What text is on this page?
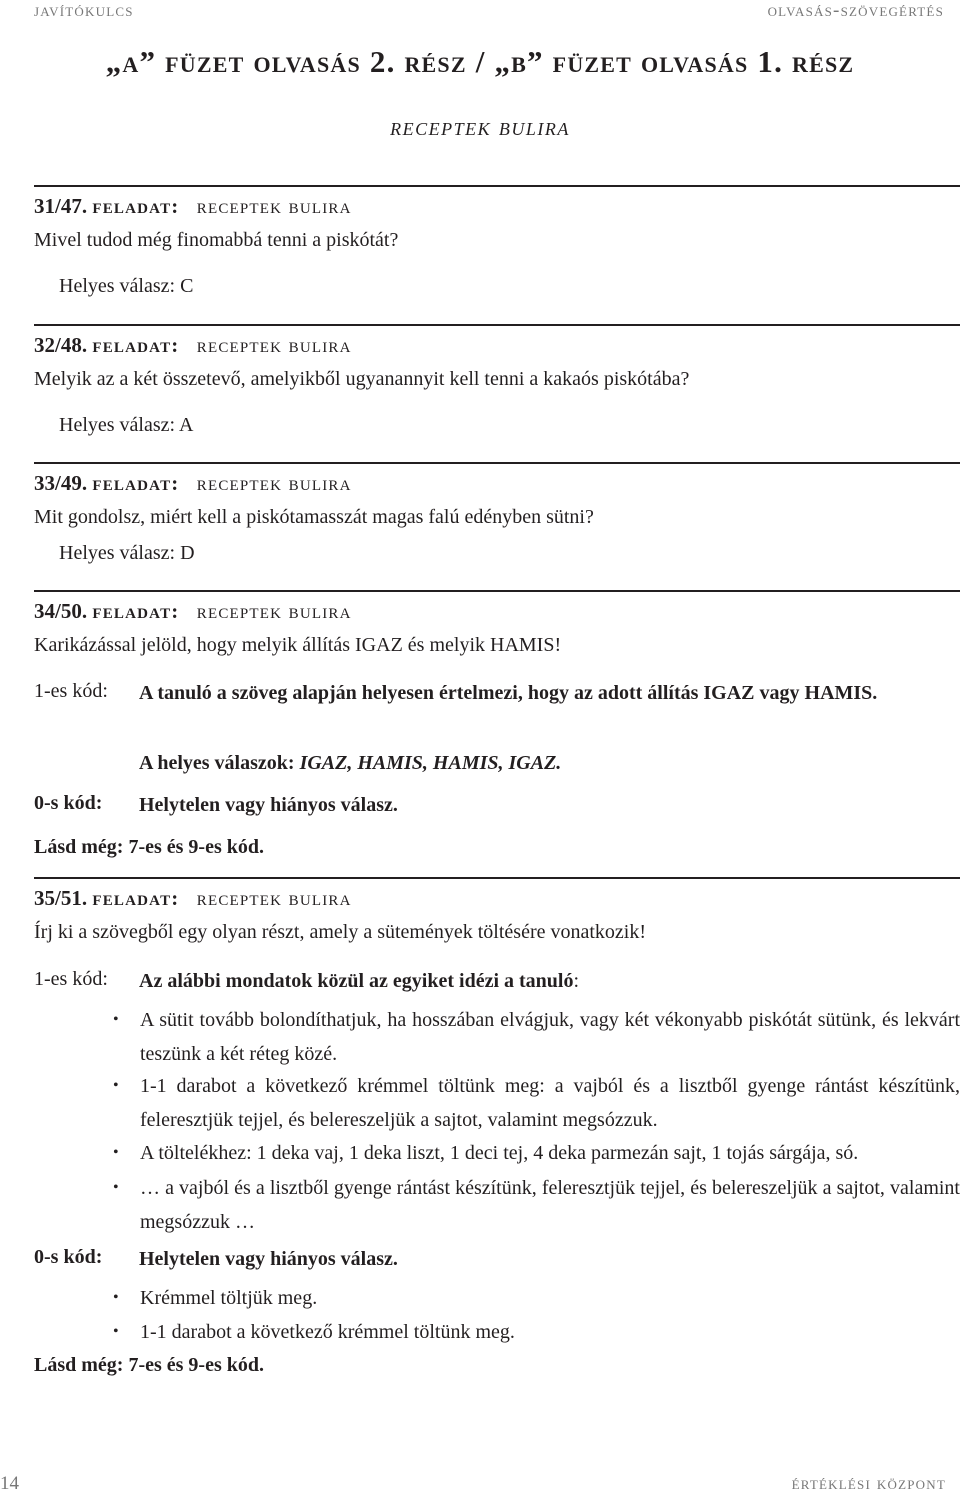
javítókulcs	olvasás-szövegértés
„a” füzet olvasás 2. rész / „b” füzet olvasás 1. rész
receptek bulira
31/47. feladat: receptek bulira
Mivel tudod még finomabbá tenni a piskótát?
Helyes válasz: C
32/48. feladat: receptek bulira
Melyik az a két összetevő, amelyikből ugyanannyit kell tenni a kakaós piskótába?
Helyes válasz: A
33/49. feladat: receptek bulira
Mit gondolsz, miért kell a piskótamasszát magas falú edényben sütni?
Helyes válasz: D
34/50. feladat: receptek bulira
Karikázással jelöld, hogy melyik állítás IGAZ és melyik HAMIS!
1-es kód: A tanuló a szöveg alapján helyesen értelmezi, hogy az adott állítás IGAZ vagy HAMIS.
A helyes válaszok: IGAZ, HAMIS, HAMIS, IGAZ.
0-s kód: Helytelen vagy hiányos válasz.
Lásd még: 7-es és 9-es kód.
35/51. feladat: receptek bulira
Írj ki a szövegből egy olyan részt, amely a sütemények töltésére vonatkozik!
1-es kód: Az alábbi mondatok közül az egyiket idézi a tanuló:
• A sütit tovább bolondíthatjuk, ha hosszában elvágjuk, vagy két vékonyabb piskótát sütünk, és lekvárt teszünk a két réteg közé.
• 1-1 darabot a következő krémmel töltünk meg: a vajból és a lisztből gyenge rántást készítünk, feleresztjük tejjel, és belereszeljük a sajtot, valamint megsózzuk.
• A töltelékhez: 1 deka vaj, 1 deka liszt, 1 deci tej, 4 deka parmezán sajt, 1 tojás sárgája, só.
• … a vajból és a lisztből gyenge rántást készítünk, feleresztjük tejjel, és belereszeljük a sajtot, valamint megsózzuk …
0-s kód: Helytelen vagy hiányos válasz.
• Krémmel töltjük meg.
• 1-1 darabot a következő krémmel töltünk meg.
Lásd még: 7-es és 9-es kód.
14	értéklési központ
